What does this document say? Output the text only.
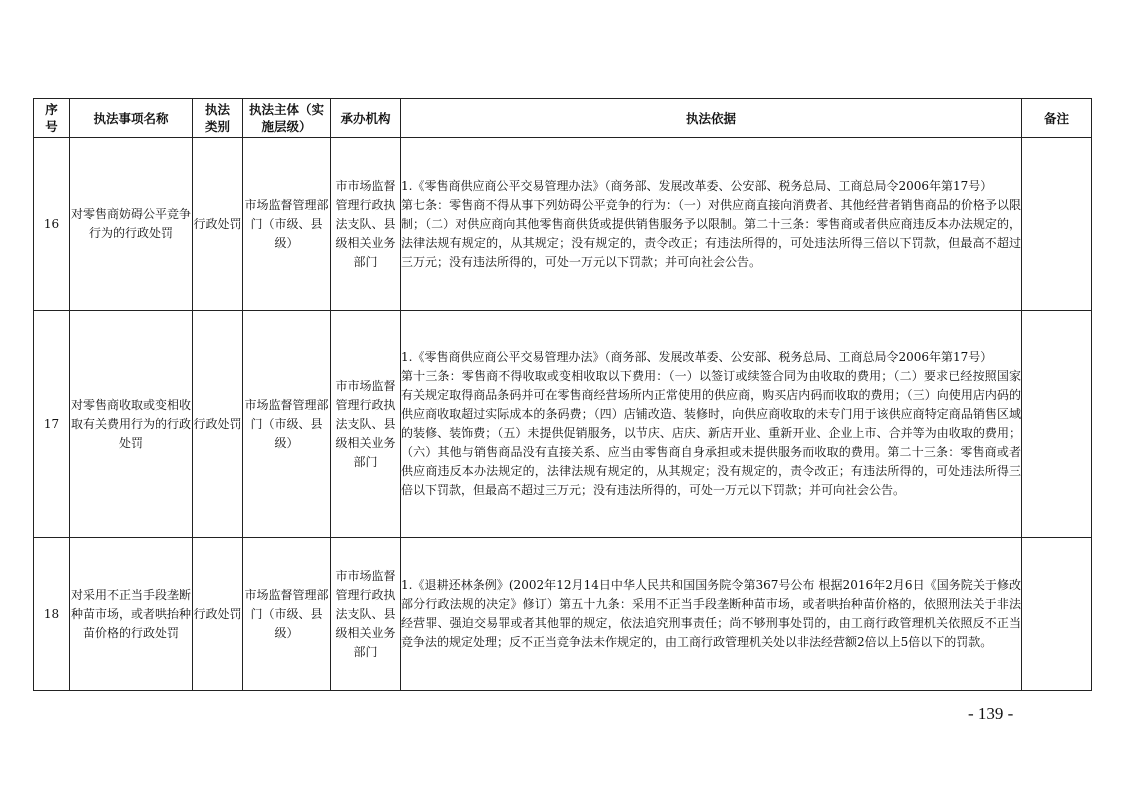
序号	执法事项名称	执法类别	执法主体（实施层级）	承办机构	执法依据	备注
16	对零售商妨碍公平竞争行为的行政处罚	行政处罚	市场监督管理部门（市级、县级）	市市场监督管理行政执法支队、县级相关业务部门	1.《零售商供应商公平交易管理办法》（商务部、发展改革委、公安部、税务总局、工商总局令2006年第17号）
第七条：零售商不得从事下列妨碍公平竞争的行为：（一）对供应商直接向消费者、其他经营者销售商品的价格予以限制；（二）对供应商向其他零售商供货或提供销售服务予以限制。第二十三条：零售商或者供应商违反本办法规定的，法律法规有规定的，从其规定；没有规定的，责令改正；有违法所得的，可处违法所得三倍以下罚款，但最高不超过三万元；没有违法所得的，可处一万元以下罚款；并可向社会公告。	

17	对零售商收取或变相收取有关费用行为的行政处罚	行政处罚	市场监督管理部门（市级、县级）	市市场监督管理行政执法支队、县级相关业务部门	1.《零售商供应商公平交易管理办法》（商务部、发展改革委、公安部、税务总局、工商总局令2006年第17号）
第十三条：零售商不得收取或变相收取以下费用：（一）以签订或续签合同为由收取的费用；（二）要求已经按照国家有关规定取得商品条码并可在零售商经营场所内正常使用的供应商，购买店内码而收取的费用；（三）向使用店内码的供应商收取超过实际成本的条码费；（四）店铺改造、装修时，向供应商收取的未专门用于该供应商特定商品销售区域的装修、装饰费；（五）未提供促销服务，以节庆、店庆、新店开业、重新开业、企业上市、合并等为由收取的费用；（六）其他与销售商品没有直接关系、应当由零售商自身承担或未提供服务而收取的费用。第二十三条：零售商或者供应商违反本办法规定的，法律法规有规定的，从其规定；没有规定的，责令改正；有违法所得的，可处违法所得三倍以下罚款，但最高不超过三万元；没有违法所得的，可处一万元以下罚款；并可向社会公告。	

18	对采用不正当手段垄断种苗市场，或者哄抬种苗价格的行政处罚	行政处罚	市场监督管理部门（市级、县级）	市市场监督管理行政执法支队、县级相关业务部门	1.《退耕还林条例》(2002年12月14日中华人民共和国国务院令第367号公布 根据2016年2月6日《国务院关于修改部分行政法规的决定》修订）第五十九条：采用不正当手段垄断种苗市场，或者哄抬种苗价格的，依照刑法关于非法经营罪、强迫交易罪或者其他罪的规定，依法追究刑事责任；尚不够刑事处罚的，由工商行政管理机关依照反不正当竞争法的规定处理；反不正当竞争法未作规定的，由工商行政管理机关处以非法经营额2倍以上5倍以下的罚款。	

- 139 -
